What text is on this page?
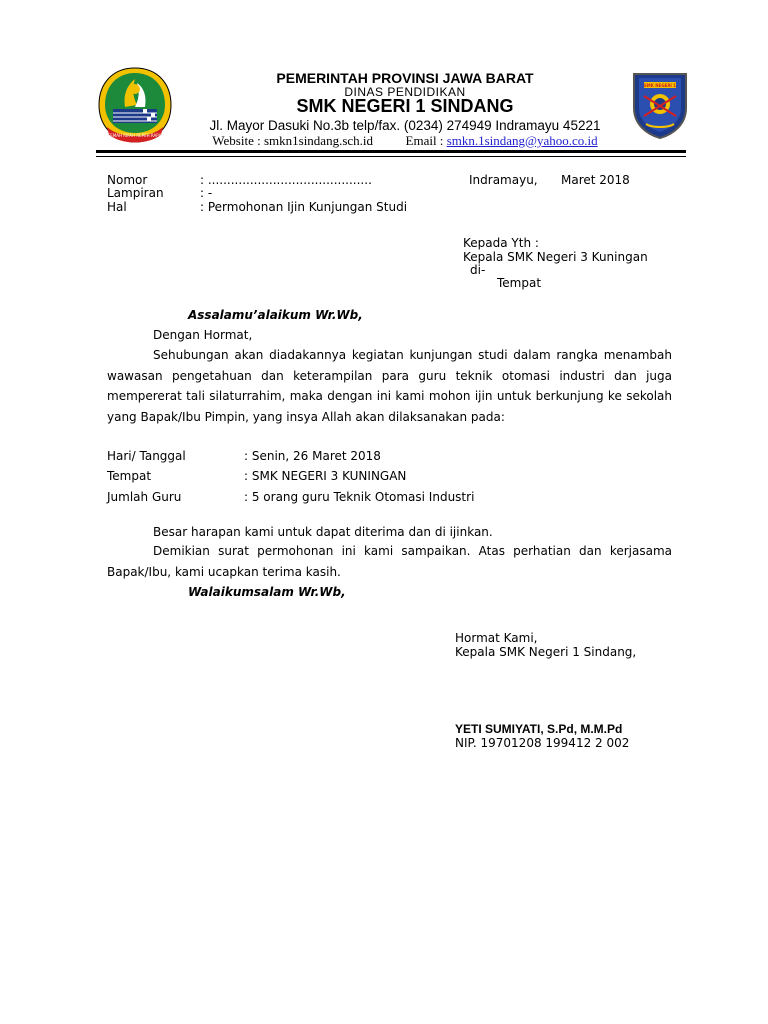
GEMAH RIPAH REPEH RAPIH
SMK NEGERI 1
PEMERINTAH PROVINSI JAWA BARAT
DINAS PENDIDIKAN
SMK NEGERI 1 SINDANG
Jl. Mayor Dasuki No.3b telp/fax. (0234) 274949 Indramayu 45221
Website : smkn1sindang.sch.id	Email : smkn.1sindang@yahoo.co.id
Nomor	: ...........................................
Lampiran	: -
Hal	: Permohonan Ijin Kunjungan Studi
Indramayu, Maret 2018
Kepada Yth :
Kepala SMK Negeri 3 Kuningan
di-
Tempat
Assalamu’alaikum Wr.Wb,
Dengan Hormat,
Sehubungan akan diadakannya kegiatan kunjungan studi dalam rangka menambah wawasan pengetahuan dan keterampilan para guru teknik otomasi industri dan juga mempererat tali silaturrahim, maka dengan ini kami mohon ijin untuk berkunjung ke sekolah yang Bapak/Ibu Pimpin, yang insya Allah akan dilaksanakan pada:
Hari/ Tanggal	: Senin, 26 Maret 2018
Tempat	: SMK NEGERI 3 KUNINGAN
Jumlah Guru	: 5 orang guru Teknik Otomasi Industri
Besar harapan kami untuk dapat diterima dan di ijinkan.
Demikian surat permohonan ini kami sampaikan. Atas perhatian dan kerjasama Bapak/Ibu, kami ucapkan terima kasih.
Walaikumsalam Wr.Wb,
Hormat Kami,
Kepala SMK Negeri 1 Sindang,
YETI SUMIYATI, S.Pd, M.M.Pd
NIP. 19701208 199412 2 002
